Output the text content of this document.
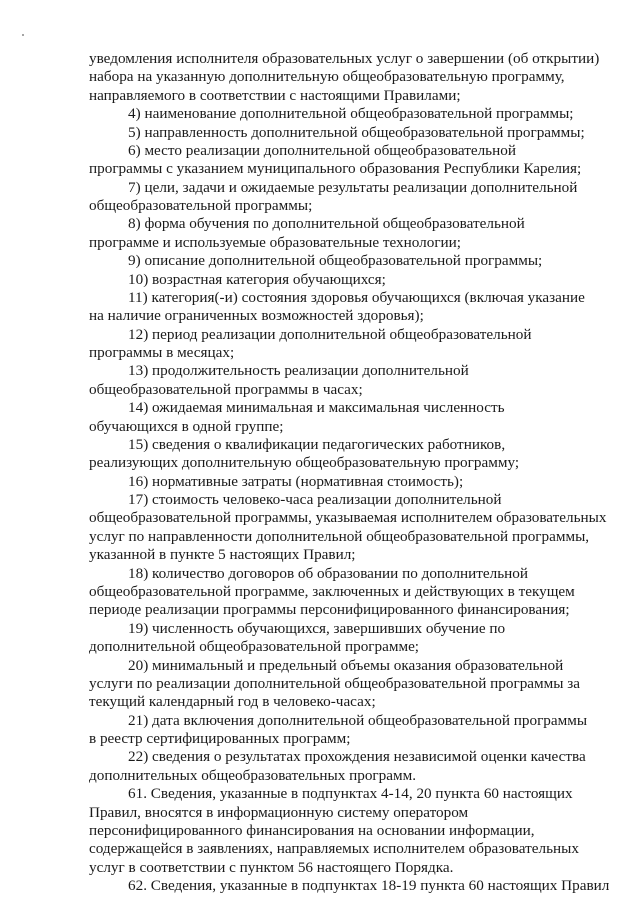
уведомления исполнителя образовательных услуг о завершении (об открытии)
набора на указанную дополнительную общеобразовательную программу,
направляемого в соответствии с настоящими Правилами;
4) наименование дополнительной общеобразовательной программы;
5) направленность дополнительной общеобразовательной программы;
6) место реализации дополнительной общеобразовательной
программы с указанием муниципального образования Республики Карелия;
7) цели, задачи и ожидаемые результаты реализации дополнительной
общеобразовательной программы;
8) форма обучения по дополнительной общеобразовательной
программе и используемые образовательные технологии;
9) описание дополнительной общеобразовательной программы;
10) возрастная категория обучающихся;
11) категория(-и) состояния здоровья обучающихся (включая указание
на наличие ограниченных возможностей здоровья);
12) период реализации дополнительной общеобразовательной
программы в месяцах;
13) продолжительность реализации дополнительной
общеобразовательной программы в часах;
14) ожидаемая минимальная и максимальная численность
обучающихся в одной группе;
15) сведения о квалификации педагогических работников,
реализующих дополнительную общеобразовательную программу;
16) нормативные затраты (нормативная стоимость);
17) стоимость человеко-часа реализации дополнительной
общеобразовательной программы, указываемая исполнителем образовательных
услуг по направленности дополнительной общеобразовательной программы,
указанной в пункте 5 настоящих Правил;
18) количество договоров об образовании по дополнительной
общеобразовательной программе, заключенных и действующих в текущем
периоде реализации программы персонифицированного финансирования;
19) численность обучающихся, завершивших обучение по
дополнительной общеобразовательной программе;
20) минимальный и предельный объемы оказания образовательной
услуги по реализации дополнительной общеобразовательной программы за
текущий календарный год в человеко-часах;
21) дата включения дополнительной общеобразовательной программы
в реестр сертифицированных программ;
22) сведения о результатах прохождения независимой оценки качества
дополнительных общеобразовательных программ.
61. Сведения, указанные в подпунктах 4-14, 20 пункта 60 настоящих
Правил, вносятся в информационную систему оператором
персонифицированного финансирования на основании информации,
содержащейся в заявлениях, направляемых исполнителем образовательных
услуг в соответствии с пунктом 56 настоящего Порядка.
62. Сведения, указанные в подпунктах 18-19 пункта 60 настоящих Правил
